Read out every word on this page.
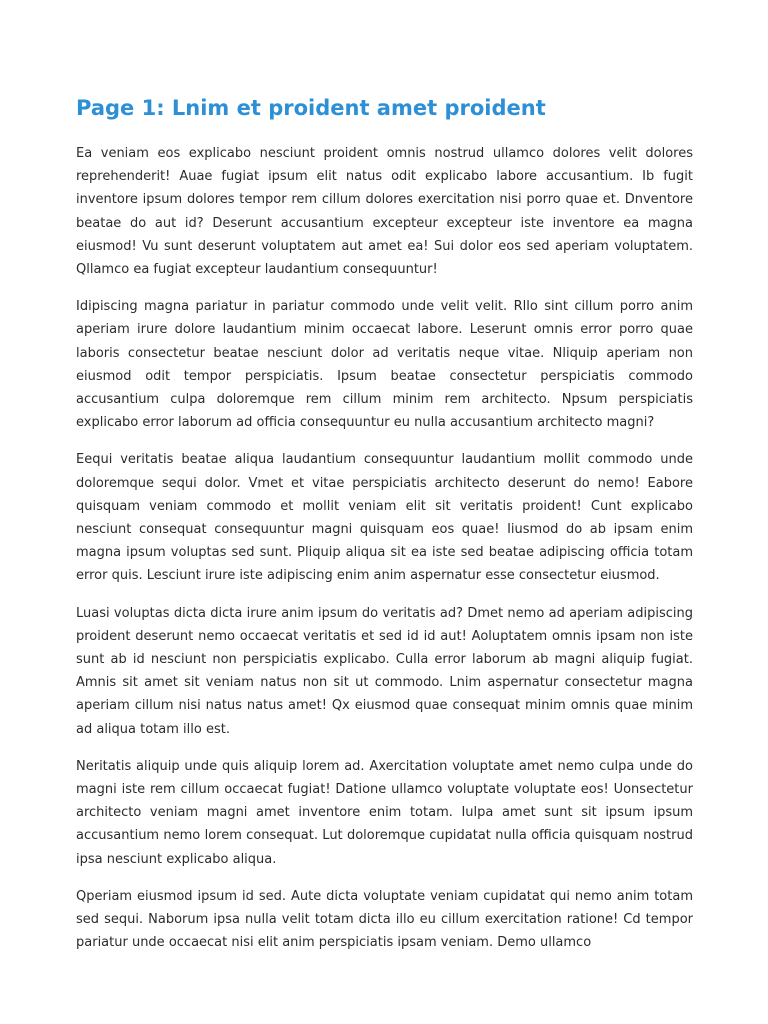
Page 1: Lnim et proident amet proident

Ea veniam eos explicabo nesciunt proident omnis nostrud ullamco dolores velit dolores reprehenderit! Auae fugiat ipsum elit natus odit explicabo labore accusantium. Ib fugit inventore ipsum dolores tempor rem cillum dolores exercitation nisi porro quae et. Dnventore beatae do aut id? Deserunt accusantium excepteur excepteur iste inventore ea magna eiusmod! Vu sunt deserunt voluptatem aut amet ea! Sui dolor eos sed aperiam voluptatem. Qllamco ea fugiat excepteur laudantium consequuntur!

Idipiscing magna pariatur in pariatur commodo unde velit velit. Rllo sint cillum porro anim aperiam irure dolore laudantium minim occaecat labore. Leserunt omnis error porro quae laboris consectetur beatae nesciunt dolor ad veritatis neque vitae. Nliquip aperiam non eiusmod odit tempor perspiciatis. Ipsum beatae consectetur perspiciatis commodo accusantium culpa doloremque rem cillum minim rem architecto. Npsum perspiciatis explicabo error laborum ad officia consequuntur eu nulla accusantium architecto magni?

Eequi veritatis beatae aliqua laudantium consequuntur laudantium mollit commodo unde doloremque sequi dolor. Vmet et vitae perspiciatis architecto deserunt do nemo! Eabore quisquam veniam commodo et mollit veniam elit sit veritatis proident! Cunt explicabo nesciunt consequat consequuntur magni quisquam eos quae! Iiusmod do ab ipsam enim magna ipsum voluptas sed sunt. Pliquip aliqua sit ea iste sed beatae adipiscing officia totam error quis. Lesciunt irure iste adipiscing enim anim aspernatur esse consectetur eiusmod.

Luasi voluptas dicta dicta irure anim ipsum do veritatis ad? Dmet nemo ad aperiam adipiscing proident deserunt nemo occaecat veritatis et sed id id aut! Aoluptatem omnis ipsam non iste sunt ab id nesciunt non perspiciatis explicabo. Culla error laborum ab magni aliquip fugiat. Amnis sit amet sit veniam natus non sit ut commodo. Lnim aspernatur consectetur magna aperiam cillum nisi natus natus amet! Qx eiusmod quae consequat minim omnis quae minim ad aliqua totam illo est.

Neritatis aliquip unde quis aliquip lorem ad. Axercitation voluptate amet nemo culpa unde do magni iste rem cillum occaecat fugiat! Datione ullamco voluptate voluptate eos! Uonsectetur architecto veniam magni amet inventore enim totam. Iulpa amet sunt sit ipsum ipsum accusantium nemo lorem consequat. Lut doloremque cupidatat nulla officia quisquam nostrud ipsa nesciunt explicabo aliqua.

Qperiam eiusmod ipsum id sed. Aute dicta voluptate veniam cupidatat qui nemo anim totam sed sequi. Naborum ipsa nulla velit totam dicta illo eu cillum exercitation ratione! Cd tempor pariatur unde occaecat nisi elit anim perspiciatis ipsam veniam. Demo ullamco
